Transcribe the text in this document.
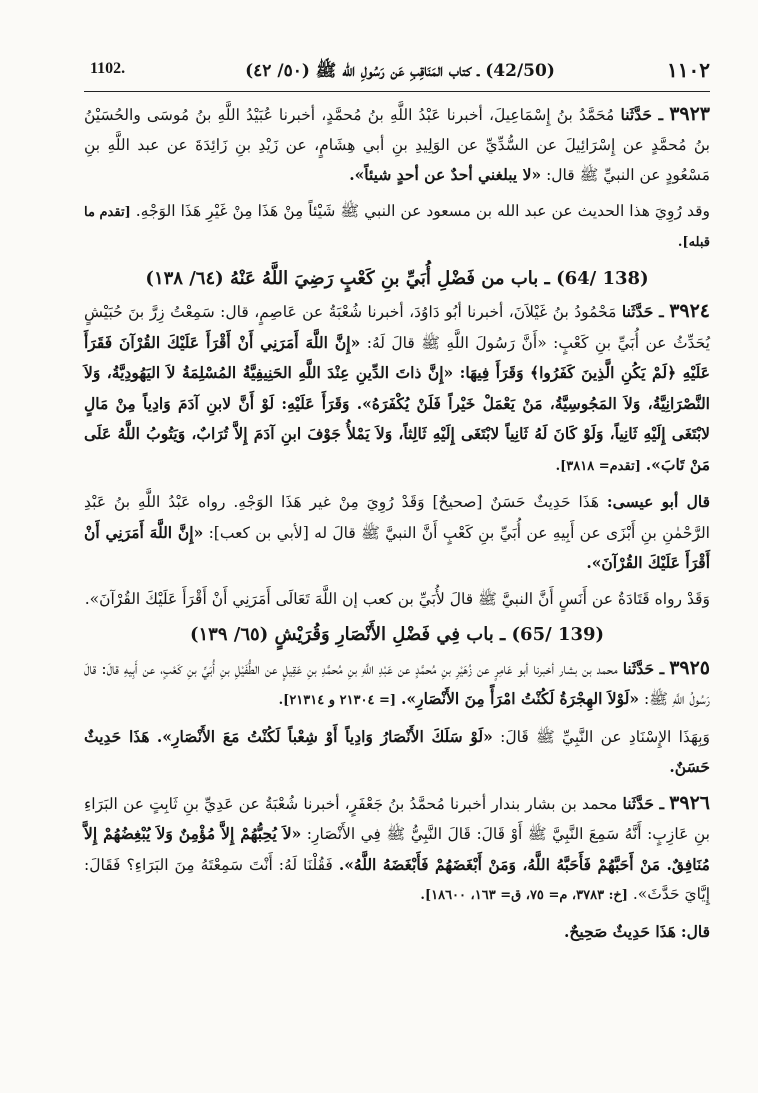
١١٠٢
(42/50) ـ كتاب المَنَاقِبِ عَن رَسُولِ الله ﷺ (٥٠/ ٤٢)
1102.

٣٩٢٣ ـ حَدَّثَنا مُحَمَّدُ بنُ إِسْمَاعِيلَ، أخبرنا عَبْدُ اللَّهِ بنُ مُحمَّدٍ، أخبرنا عُبَيْدُ اللَّهِ بنُ مُوسَى والحُسَيْنُ بنُ مُحمَّدٍ عن إِسْرَائِيلَ عن السُّدِّيِّ عن الوَلِيدِ بنِ أبي هِشَامٍ، عن زَيْدِ بنِ زَائِدَةَ عن عبد اللَّهِ بنِ مَسْعُودٍ عن النبيِّ ﷺ قال: «لا يبلغني أحدٌ عن أحدٍ شيئاً».

وقد رُوِيَ هذا الحديث عن عبد الله بن مسعود عن النبي ﷺ شَيْئاً مِنْ هَذَا مِنْ غَيْرِ هَذَا الوَجْهِ. [تقدم ما قبله].

(64/ 138) ـ باب من فَضْلِ أُبَيِّ بنِ كَعْبٍ رَضِيَ اللَّهُ عَنْهُ (٦٤/ ١٣٨)

٣٩٢٤ ـ حَدَّثَنا مَحْمُودُ بنُ غَيْلاَنَ، أخبرنا أبُو دَاوُدَ، أخبرنا شُعْبَةُ عن عَاصِمٍ، قال: سَمِعْتُ زِرَّ بنَ حُبَيْشٍ يُحَدِّثُ عن أُبَيِّ بنِ كَعْبٍ: «أَنَّ رَسُولَ اللَّهِ ﷺ قالَ لَهُ: «إِنَّ اللَّهَ أَمَرَنِي أَنْ أَقْرَأَ عَلَيْكَ القُرْآنَ فَقَرَأَ عَلَيْهِ ﴿لَمْ يَكُنِ الَّذِينَ كَفَرُوا﴾ وَقَرَأَ فِيهَا: «إِنَّ ذاتَ الدِّينِ عِنْدَ اللَّهِ الحَنِيفِيَّةُ المُسْلِمَةُ لاَ اليَهُودِيَّةُ، وَلاَ النَّصْرَانِيَّةُ، وَلاَ المَجُوسِيَّةُ، مَنْ يَعْمَلْ خَيْراً فَلَنْ يُكْفَرَهُ». وَقَرَأَ عَلَيْهِ: لَوْ أَنَّ لابنِ آدَمَ وَادِياً مِنْ مَالٍ لابْتَغَى إِلَيْهِ ثَانِياً، وَلَوْ كَانَ لَهُ ثَانِياً لابْتَغَى إِلَيْهِ ثَالِثاً، وَلاَ يَمْلأُ جَوْفَ ابنِ آدَمَ إِلاَّ تُرَابٌ، وَيَتُوبُ اللَّهُ عَلَى مَنْ تَابَ». [تقدم= ٣٨١٨].

قال أبو عيسى: هَذَا حَدِيثٌ حَسَنٌ [صحيحٌ] وَقَدْ رُوِيَ مِنْ غير هَذَا الوَجْهِ. رواه عَبْدُ اللَّهِ بنُ عَبْدِ الرَّحْمٰنِ بنِ أَبْزَى عن أَبِيهِ عن أُبَيِّ بنِ كَعْبٍ أَنَّ النبيَّ ﷺ قالَ له [لأبي بن كعب]: «إِنَّ اللَّهَ أَمَرَنِي أَنْ أَقْرَأَ عَلَيْكَ القُرْآنَ».

وَقَدْ رواه قَتَادَةُ عن أَنَسٍ أَنَّ النبيَّ ﷺ قالَ لأُبَيِّ بن كعب إن اللَّهَ تَعَالَى أَمَرَنِي أَنْ أَقْرَأَ عَلَيْكَ القُرْآنَ».

(65/ 139) ـ باب فِي فَضْلِ الأَنْصَارِ وَقُرَيْشٍ (٦٥/ ١٣٩)

٣٩٢٥ ـ حَدَّثَنا محمد بن بشار أخبرنا أبو عَامِرٍ عن زُهَيْرِ بنِ مُحمَّدٍ عن عَبْدِ اللَّهِ بنِ مُحمَّدِ بنِ عَقِيلٍ عن الطُّفَيْلِ بنِ أُبَيِّ بنِ كَعْبٍ، عن أَبِيهِ قالَ: قالَ رَسُولُ اللَّهِ ﷺ: «لَوْلاَ الهِجْرَةُ لَكُنْتُ امْرَأً مِنَ الأَنْصَارِ». [= ٢١٣٠٤ و ٢١٣١٤].

وَبِهَذَا الإِسْنَادِ عن النَّبِيِّ ﷺ قَالَ: «لَوْ سَلَكَ الأَنْصَارُ وَادِياً أَوْ شِعْباً لَكُنْتُ مَعَ الأَنْصَارِ». هَذَا حَدِيثٌ حَسَنٌ.

٣٩٢٦ ـ حَدَّثَنا محمد بن بشار بندار أخبرنا مُحمَّدُ بنُ جَعْفَرٍ، أخبرنا شُعْبَةُ عن عَدِيِّ بنِ ثَابِتٍ عن البَرَاءِ بنِ عَازِبٍ: أَنَّهُ سَمِعَ النَّبِيَّ ﷺ أَوْ قَالَ: قَالَ النَّبِيُّ ﷺ فِي الأَنْصَارِ: «لاَ يُحِبُّهُمْ إِلاَّ مُؤْمِنٌ وَلاَ يُبْغِضُهُمْ إِلاَّ مُنَافِقٌ. مَنْ أَحَبَّهُمْ فَأَحَبَّهُ اللَّهُ، وَمَنْ أَبْغَضَهُمْ فَأَبْغَضَهُ اللَّهُ». فَقُلْنَا لَهُ: أَنْتَ سَمِعْتَهُ مِنَ البَرَاءِ؟ فَقَالَ: إِيَّايَ حَدَّثَ». [خ: ٣٧٨٣، م= ٧٥، ق= ١٦٣، ١٨٦٠٠].

قال: هَذَا حَدِيثٌ صَحِيحٌ.
